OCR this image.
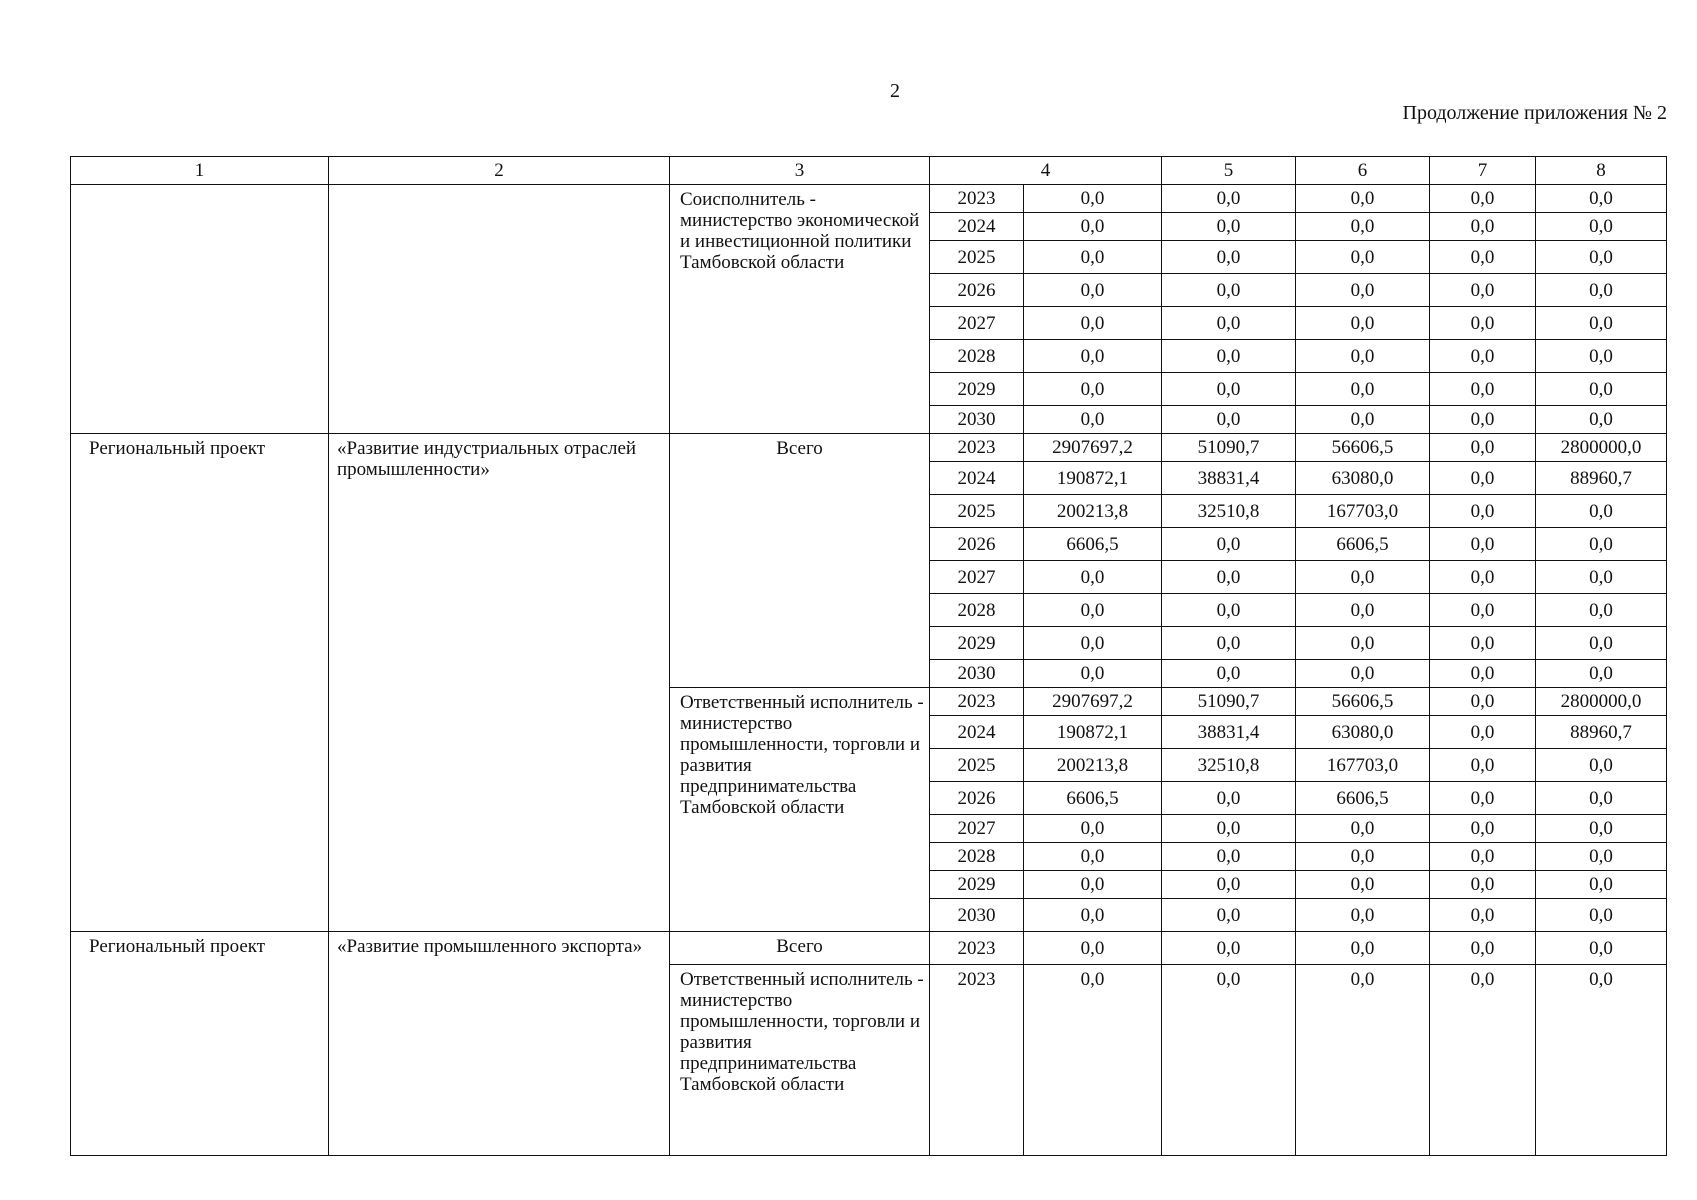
2
Продолжение приложения № 2
1	2	3	4		5	6	7	8
		Соисполнитель - министерство экономической и инвестиционной политики Тамбовской области	2023	0,0	0,0	0,0	0,0	0,0
			2024	0,0	0,0	0,0	0,0	0,0
			2025	0,0	0,0	0,0	0,0	0,0
			2026	0,0	0,0	0,0	0,0	0,0
			2027	0,0	0,0	0,0	0,0	0,0
			2028	0,0	0,0	0,0	0,0	0,0
			2029	0,0	0,0	0,0	0,0	0,0
			2030	0,0	0,0	0,0	0,0	0,0
Региональный проект	«Развитие индустриальных отраслей промышленности»	Всего	2023	2907697,2	51090,7	56606,5	0,0	2800000,0
			2024	190872,1	38831,4	63080,0	0,0	88960,7
			2025	200213,8	32510,8	167703,0	0,0	0,0
			2026	6606,5	0,0	6606,5	0,0	0,0
			2027	0,0	0,0	0,0	0,0	0,0
			2028	0,0	0,0	0,0	0,0	0,0
			2029	0,0	0,0	0,0	0,0	0,0
			2030	0,0	0,0	0,0	0,0	0,0
		Ответственный исполнитель - министерство промышленности, торговли и развития предпринимательства Тамбовской области	2023	2907697,2	51090,7	56606,5	0,0	2800000,0
			2024	190872,1	38831,4	63080,0	0,0	88960,7
			2025	200213,8	32510,8	167703,0	0,0	0,0
			2026	6606,5	0,0	6606,5	0,0	0,0
			2027	0,0	0,0	0,0	0,0	0,0
			2028	0,0	0,0	0,0	0,0	0,0
			2029	0,0	0,0	0,0	0,0	0,0
			2030	0,0	0,0	0,0	0,0	0,0
Региональный проект	«Развитие промышленного экспорта»	Всего	2023	0,0	0,0	0,0	0,0	0,0
		Ответственный исполнитель - министерство промышленности, торговли и развития предпринимательства Тамбовской области	2023	0,0	0,0	0,0	0,0	0,0
